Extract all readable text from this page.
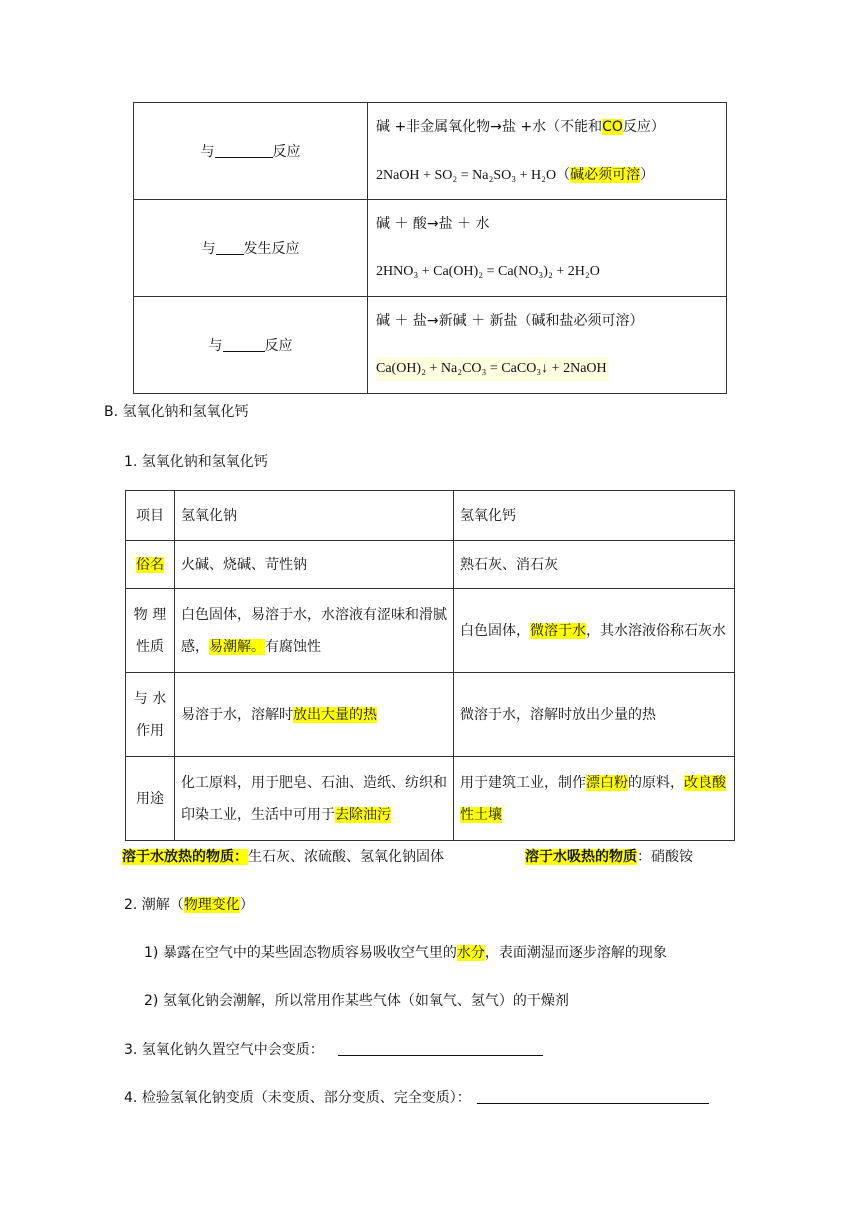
与 反应	碱 +非金属氧化物→盐 +水（不能和CO反应）
2NaOH + SO₂ = Na₂SO₃ + H₂O（碱必须可溶）

与 发生反应	碱 ＋ 酸→盐 ＋ 水
2HNO₃ + Ca(OH)₂ = Ca(NO₃)₂ + 2H₂O

与 反应	碱 ＋ 盐→新碱 ＋ 新盐（碱和盐必须可溶）
Ca(OH)₂ + Na₂CO₃ = CaCO₃↓ + 2NaOH
B. 氢氧化钠和氢氧化钙
1. 氢氧化钠和氢氧化钙
项目	氢氧化钠	氢氧化钙
俗名	火碱、烧碱、苛性钠	熟石灰、消石灰
物 理 性质	白色固体，易溶于水，水溶液有涩味和滑腻感，易潮解。有腐蚀性	白色固体，微溶于水，其水溶液俗称石灰水
与 水 作用	易溶于水，溶解时放出大量的热	微溶于水，溶解时放出少量的热
用途	化工原料，用于肥皂、石油、造纸、纺织和印染工业，生活中可用于去除油污	用于建筑工业，制作漂白粉的原料，改良酸性土壤
溶于水放热的物质：生石灰、浓硫酸、氢氧化钠固体	溶于水吸热的物质：硝酸铵
2. 潮解（物理变化）
1) 暴露在空气中的某些固态物质容易吸收空气里的水分，表面潮湿而逐步溶解的现象
2) 氢氧化钠会潮解，所以常用作某些气体（如氧气、氢气）的干燥剂
3. 氢氧化钠久置空气中会变质：
4. 检验氢氧化钠变质（未变质、部分变质、完全变质）：
